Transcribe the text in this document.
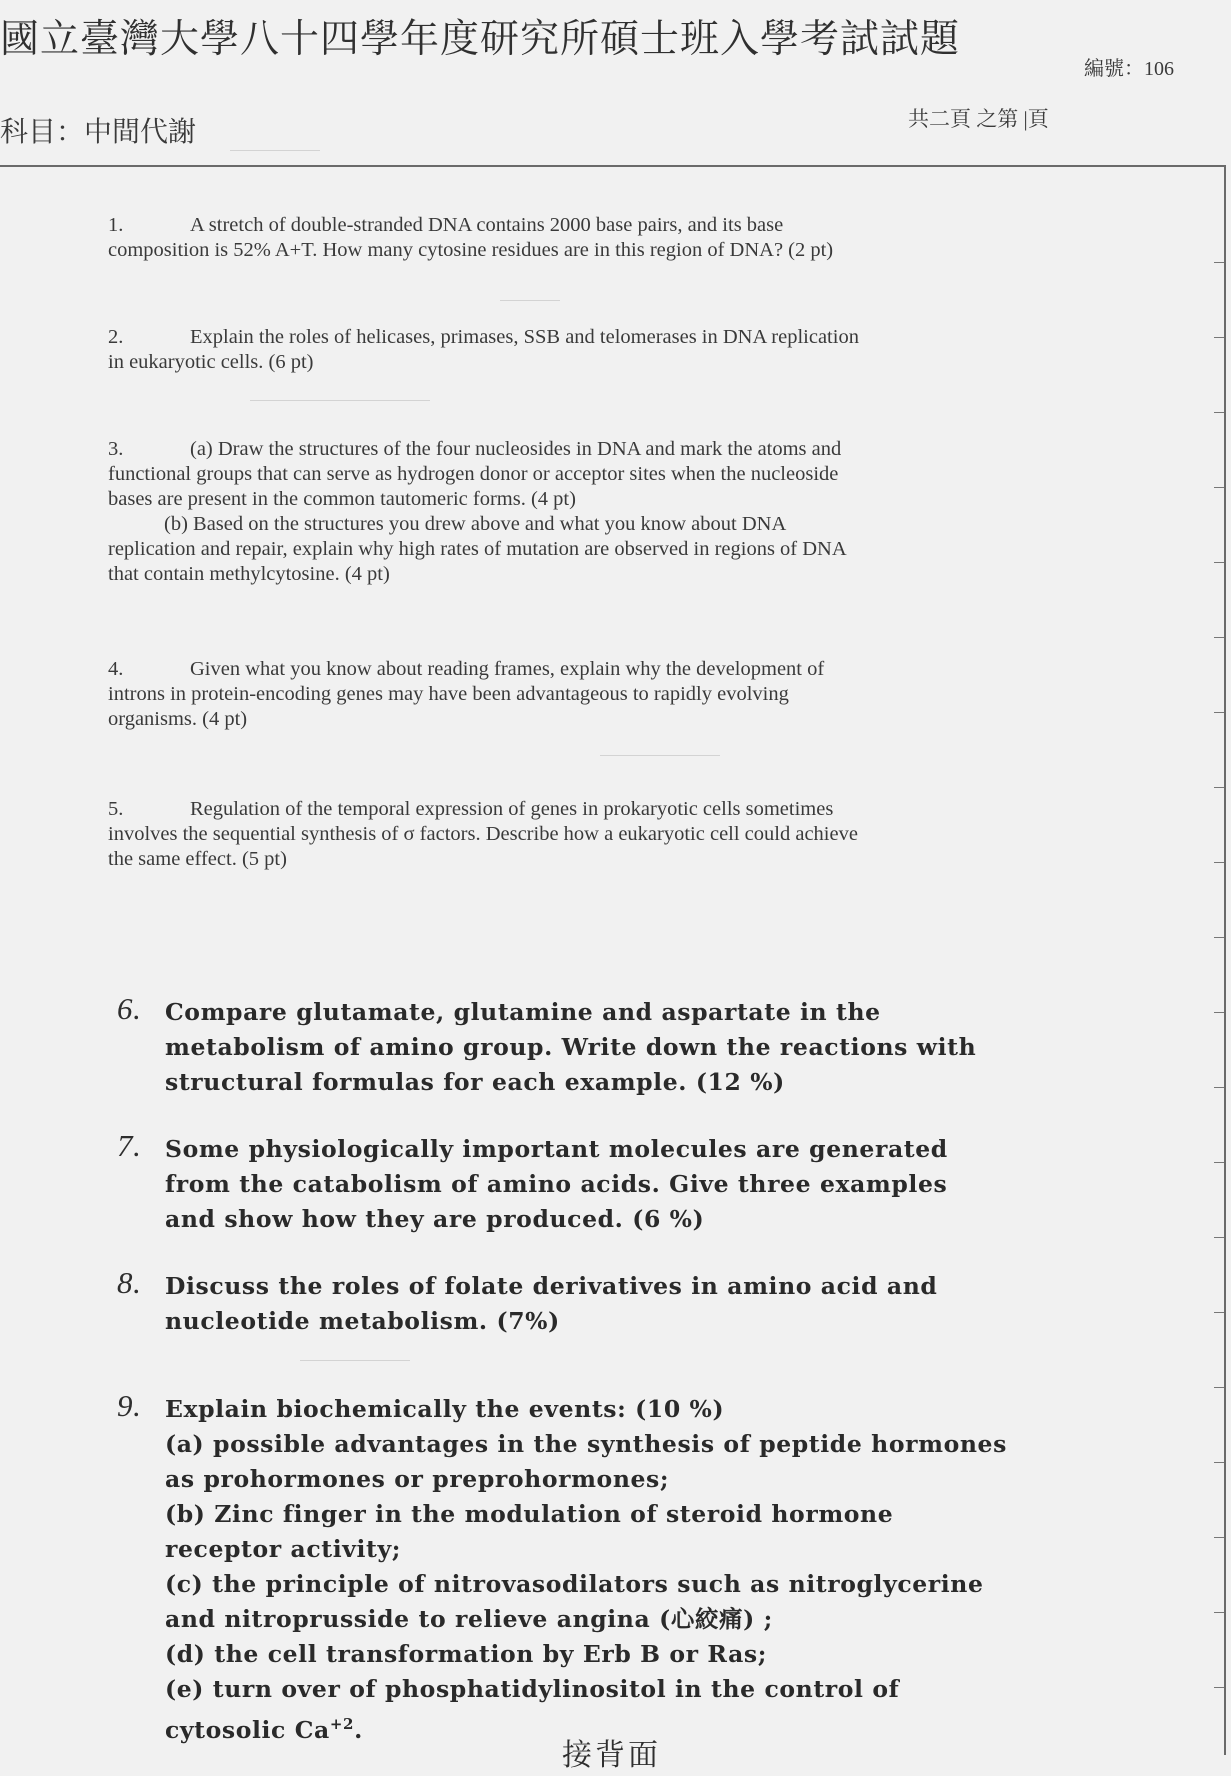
國立臺灣大學八十四學年度研究所碩士班入學考試試題
編號：106
科目：中間代謝	共二頁 之第 |頁

1.	A stretch of double-stranded DNA contains 2000 base pairs, and its base

composition is 52% A+T. How many cytosine residues are in this region of DNA? (2 pt)

2.	Explain the roles of helicases, primases, SSB and telomerases in DNA replication

in eukaryotic cells. (6 pt)

3.	(a) Draw the structures of the four nucleosides in DNA and mark the atoms and

functional groups that can serve as hydrogen donor or acceptor sites when the nucleoside

bases are present in the common tautomeric forms. (4 pt)

(b) Based on the structures you drew above and what you know about DNA

replication and repair, explain why high rates of mutation are observed in regions of DNA

that contain methylcytosine. (4 pt)

4.	Given what you know about reading frames, explain why the development of

introns in protein-encoding genes may have been advantageous to rapidly evolving

organisms. (4 pt)

5.	Regulation of the temporal expression of genes in prokaryotic cells sometimes

involves the sequential synthesis of σ factors. Describe how a eukaryotic cell could achieve

the same effect. (5 pt)

6. Compare glutamate, glutamine and aspartate in the

metabolism of amino group. Write down the reactions with

structural formulas for each example. (12 %)

7. Some physiologically important molecules are generated

from the catabolism of amino acids. Give three examples

and show how they are produced. (6 %)

8. Discuss the roles of folate derivatives in amino acid and

nucleotide metabolism. (7%)

9. Explain biochemically the events: (10 %)

(a) possible advantages in the synthesis of peptide hormones

as prohormones or preprohormones;

(b) Zinc finger in the modulation of steroid hormone

receptor activity;

(c) the principle of nitrovasodilators such as nitroglycerine

and nitroprusside to relieve angina (心絞痛) ;

(d) the cell transformation by Erb B or Ras;

(e) turn over of phosphatidylinositol in the control of

cytosolic $Ca^{+2}$.

接背面
